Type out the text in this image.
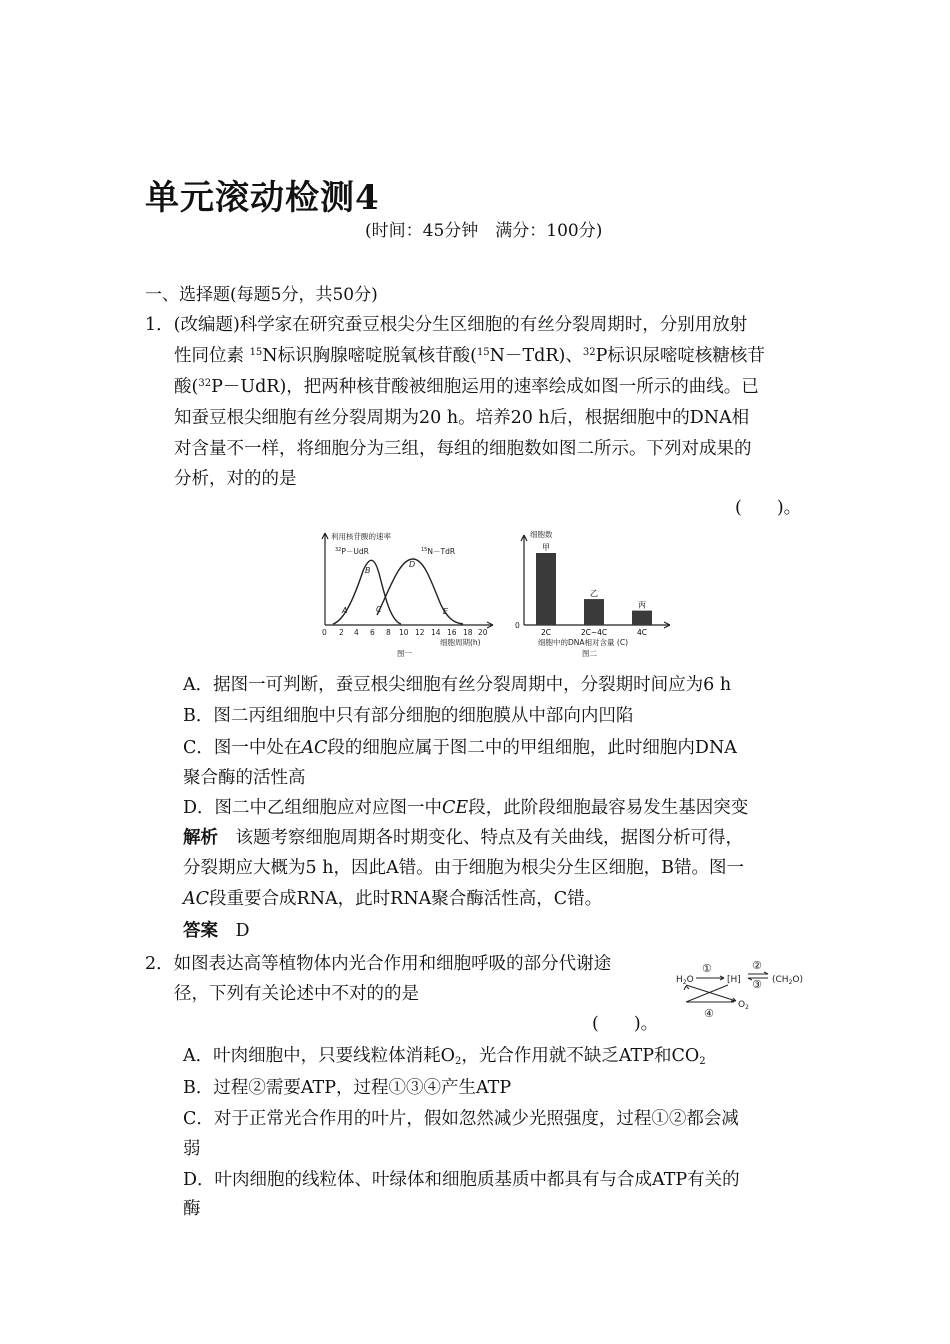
单元滚动检测4
(时间：45分钟　满分：100分)
一、选择题(每题5分，共50分)
1．(改编题)科学家在研究蚕豆根尖分生区细胞的有丝分裂周期时，分别用放射
性同位素 $^{15}$N标识胸腺嘧啶脱氧核苷酸($^{15}$N－TdR)、$^{32}$P标识尿嘧啶核糖核苷
酸($^{32}$P－UdR)，把两种核苷酸被细胞运用的速率绘成如图一所示的曲线。已
知蚕豆根尖细胞有丝分裂周期为20 h。培养20 h后，根据细胞中的DNA相
对含量不一样，将细胞分为三组，每组的细胞数如图二所示。下列对成果的
分析，对的的是
(　　)。
0 2 4 6 8 10 12 14 16 18 20
A
B
C
D
E
利用核苷酸的速率
$^{32}$P－UdR	$^{15}$N－TdR
细胞周期(h)
图一
甲
2C
乙
2C~4C
丙
4C
细胞数
0
细胞中的DNA相对含量 (C)
图二
A．据图一可判断，蚕豆根尖细胞有丝分裂周期中，分裂期时间应为6 h
B．图二丙组细胞中只有部分细胞的细胞膜从中部向内凹陷
C．图一中处在AC段的细胞应属于图二中的甲组细胞，此时细胞内DNA
聚合酶的活性高
D．图二中乙组细胞应对应图一中CE段，此阶段细胞最容易发生基因突变
解析　 该题考察细胞周期各时期变化、特点及有关曲线，据图分析可得，
分裂期应大概为5 h，因此A错。由于细胞为根尖分生区细胞，B错。图一
AC段重要合成RNA，此时RNA聚合酶活性高，C错。
答案　 D
2．如图表达高等植物体内光合作用和细胞呼吸的部分代谢途
径，下列有关论述中不对的的是
(　　)。
$H_2O$	[H]	$(CH_2O)$
$O_2$
①	②
③
④
A．叶肉细胞中，只要线粒体消耗$O_2$，光合作用就不缺乏ATP和$CO_2$
B．过程②需要ATP，过程①③④产生ATP
C．对于正常光合作用的叶片，假如忽然减少光照强度，过程①②都会减
弱
D．叶肉细胞的线粒体、叶绿体和细胞质基质中都具有与合成ATP有关的
酶
